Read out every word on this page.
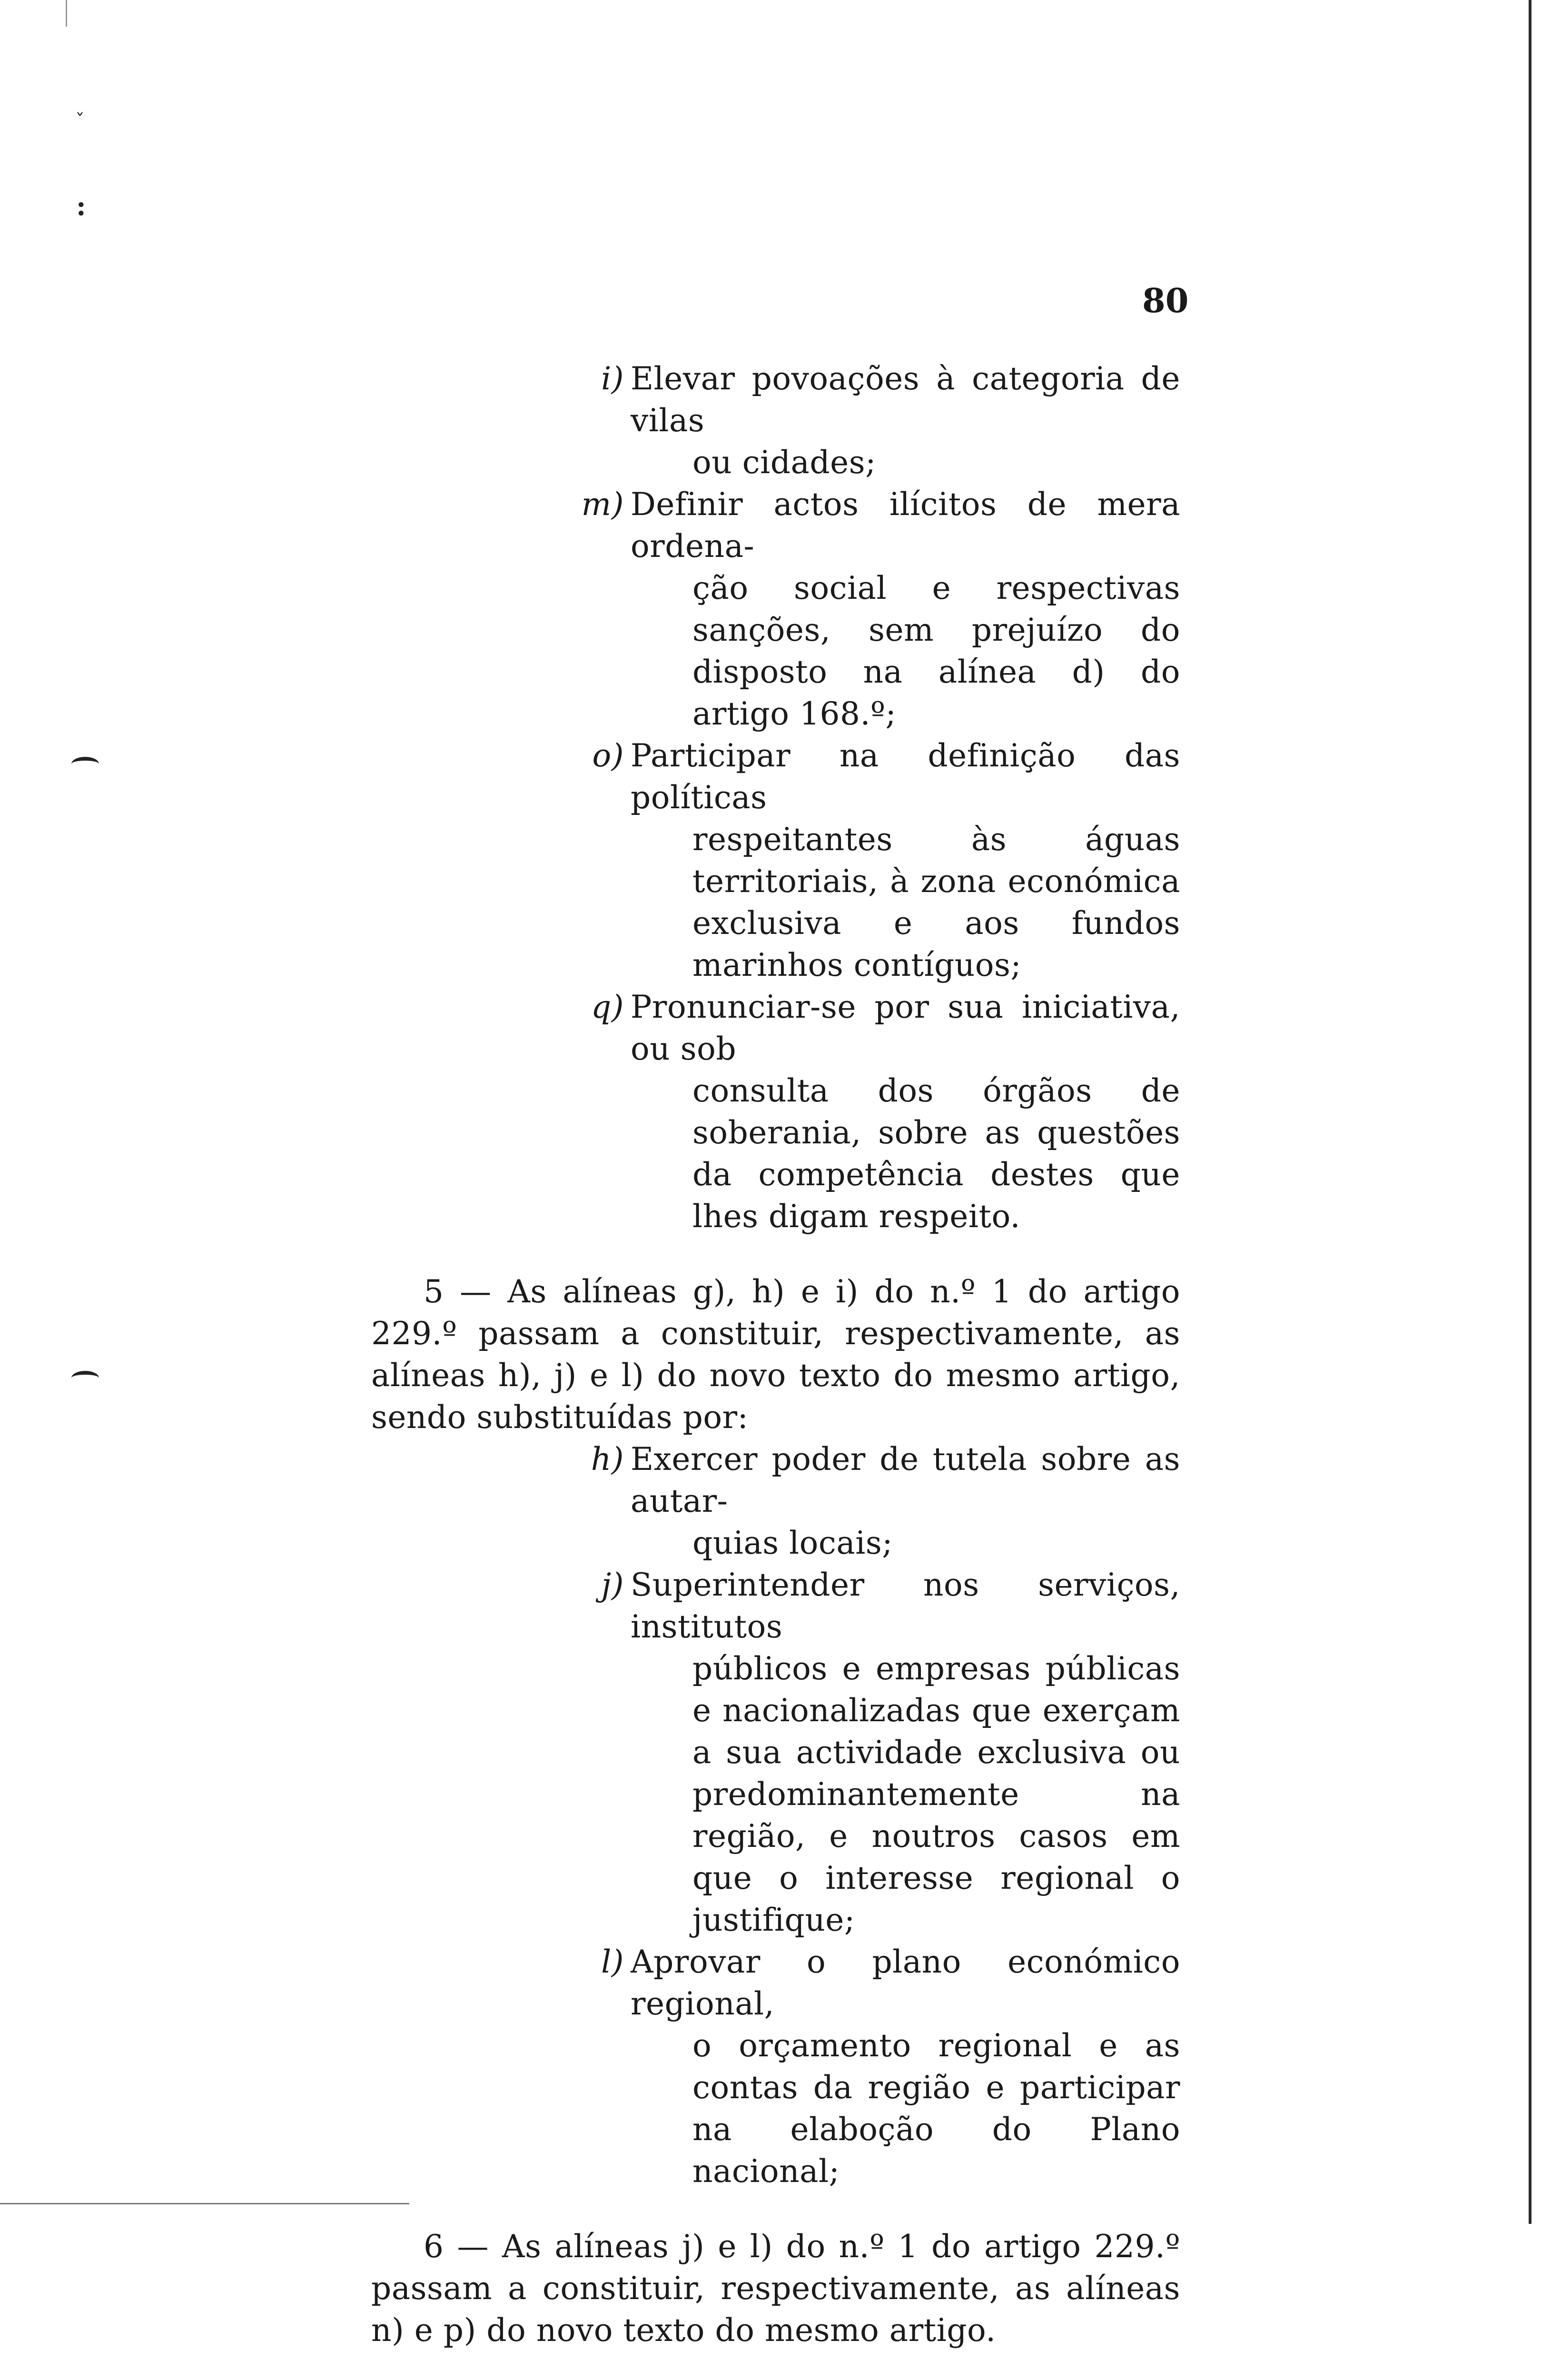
ˇ
:
80
i) Elevar povoações à categoria de vilas
ou cidades;
m) Definir actos ilícitos de mera ordena-
ção social e respectivas sanções, sem prejuízo do disposto na alínea d) do artigo 168.º;
o) Participar na definição das políticas
respeitantes às águas territoriais, à zona económica exclusiva e aos fundos marinhos contíguos;
q) Pronunciar-se por sua iniciativa, ou sob
consulta dos órgãos de soberania, sobre as questões da competência destes que lhes digam respeito.

5 — As alíneas g), h) e i) do n.º 1 do artigo 229.º passam a constituir, respectivamente, as alíneas h), j) e l) do novo texto do mesmo artigo, sendo substituídas por:

h) Exercer poder de tutela sobre as autar-
quias locais;
j) Superintender nos serviços, institutos
públicos e empresas públicas e nacionalizadas que exerçam a sua actividade exclusiva ou predominantemente na região, e noutros casos em que o interesse regional o justifique;
l) Aprovar o plano económico regional,
o orçamento regional e as contas da região e participar na elaboção do Plano nacional;

6 — As alíneas j) e l) do n.º 1 do artigo 229.º passam a constituir, respectivamente, as alíneas n) e p) do novo texto do mesmo artigo.
